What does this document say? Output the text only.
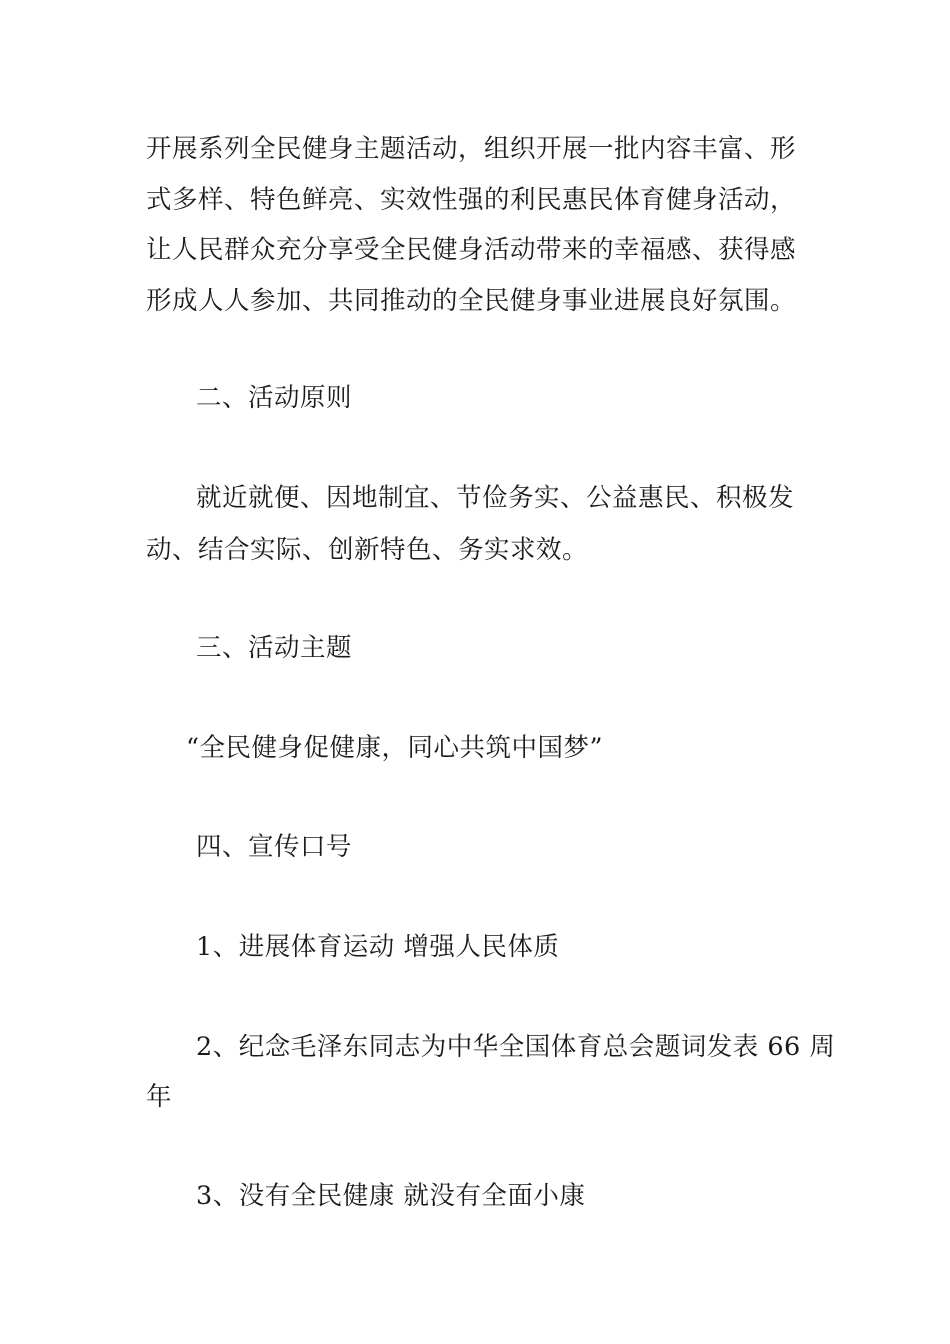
开展系列全民健身主题活动，组织开展一批内容丰富、形
式多样、特色鲜亮、实效性强的利民惠民体育健身活动，
让人民群众充分享受全民健身活动带来的幸福感、获得感
形成人人参加、共同推动的全民健身事业进展良好氛围。
二、活动原则
就近就便、因地制宜、节俭务实、公益惠民、积极发
动、结合实际、创新特色、务实求效。
三、活动主题
“全民健身促健康，同心共筑中国梦”
四、宣传口号
1、进展体育运动 增强人民体质
2、纪念毛泽东同志为中华全国体育总会题词发表 66 周
年
3、没有全民健康 就没有全面小康
